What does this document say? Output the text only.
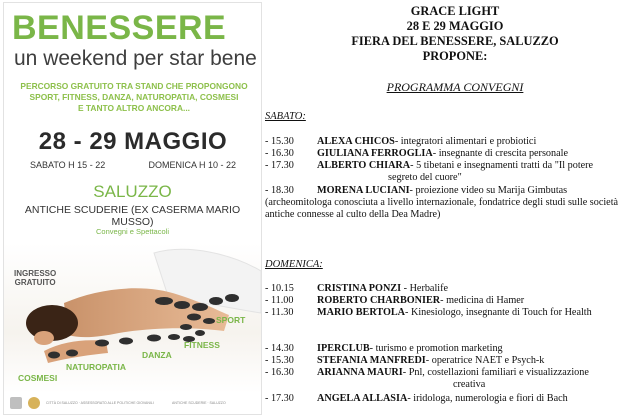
BENESSERE
un weekend per star bene
PERCORSO GRATUITO TRA STAND CHE PROPONGONO
SPORT, FITNESS, DANZA, NATUROPATIA, COSMESI
E TANTO ALTRO ANCORA...
28 - 29 MAGGIO
SABATO H 15 - 22	DOMENICA H 10 - 22
SALUZZO
ANTICHE SCUDERIE (EX CASERMA MARIO MUSSO)
Convegni e Spettacoli
INGRESSO
GRATUITO
SPORT
FITNESS
DANZA
NATUROPATIA
COSMESI
CITTÀ DI SALUZZO · ASSESSORATO ALLE POLITICHE GIOVANILI	ANTICHE SCUDERIE · SALUZZO
GRACE LIGHT
28 E 29 MAGGIO
FIERA DEL BENESSERE, SALUZZO
PROPONE:
PROGRAMMA CONVEGNI
SABATO:
- 15.30 ALEXA CHICOS- integratori alimentari e probiotici
- 16.30 GIULIANA FERROGLIA- insegnante di crescita personale
- 17.30 ALBERTO CHIARA- 5 tibetani e insegnamenti tratti da "Il potere
segreto del cuore"
- 18.30 MORENA LUCIANI- proiezione video su Marija Gimbutas
(archeomitologa conosciuta a livello internazionale, fondatrice degli studi sulle società antiche connesse al culto della Dea Madre)
DOMENICA:
- 10.15 CRISTINA PONZI - Herbalife
- 11.00 ROBERTO CHARBONIER- medicina di Hamer
- 11.30 MARIO BERTOLA- Kinesiologo, insegnante di Touch for Health
- 14.30 IPERCLUB- turismo e promotion marketing
- 15.30 STEFANIA MANFREDI- operatrice NAET e Psych-k
- 16.30 ARIANNA MAURI- Pnl, costellazioni familiari e visualizzazione
creativa
- 17.30 ANGELA ALLASIA- iridologa, numerologia e fiori di Bach
